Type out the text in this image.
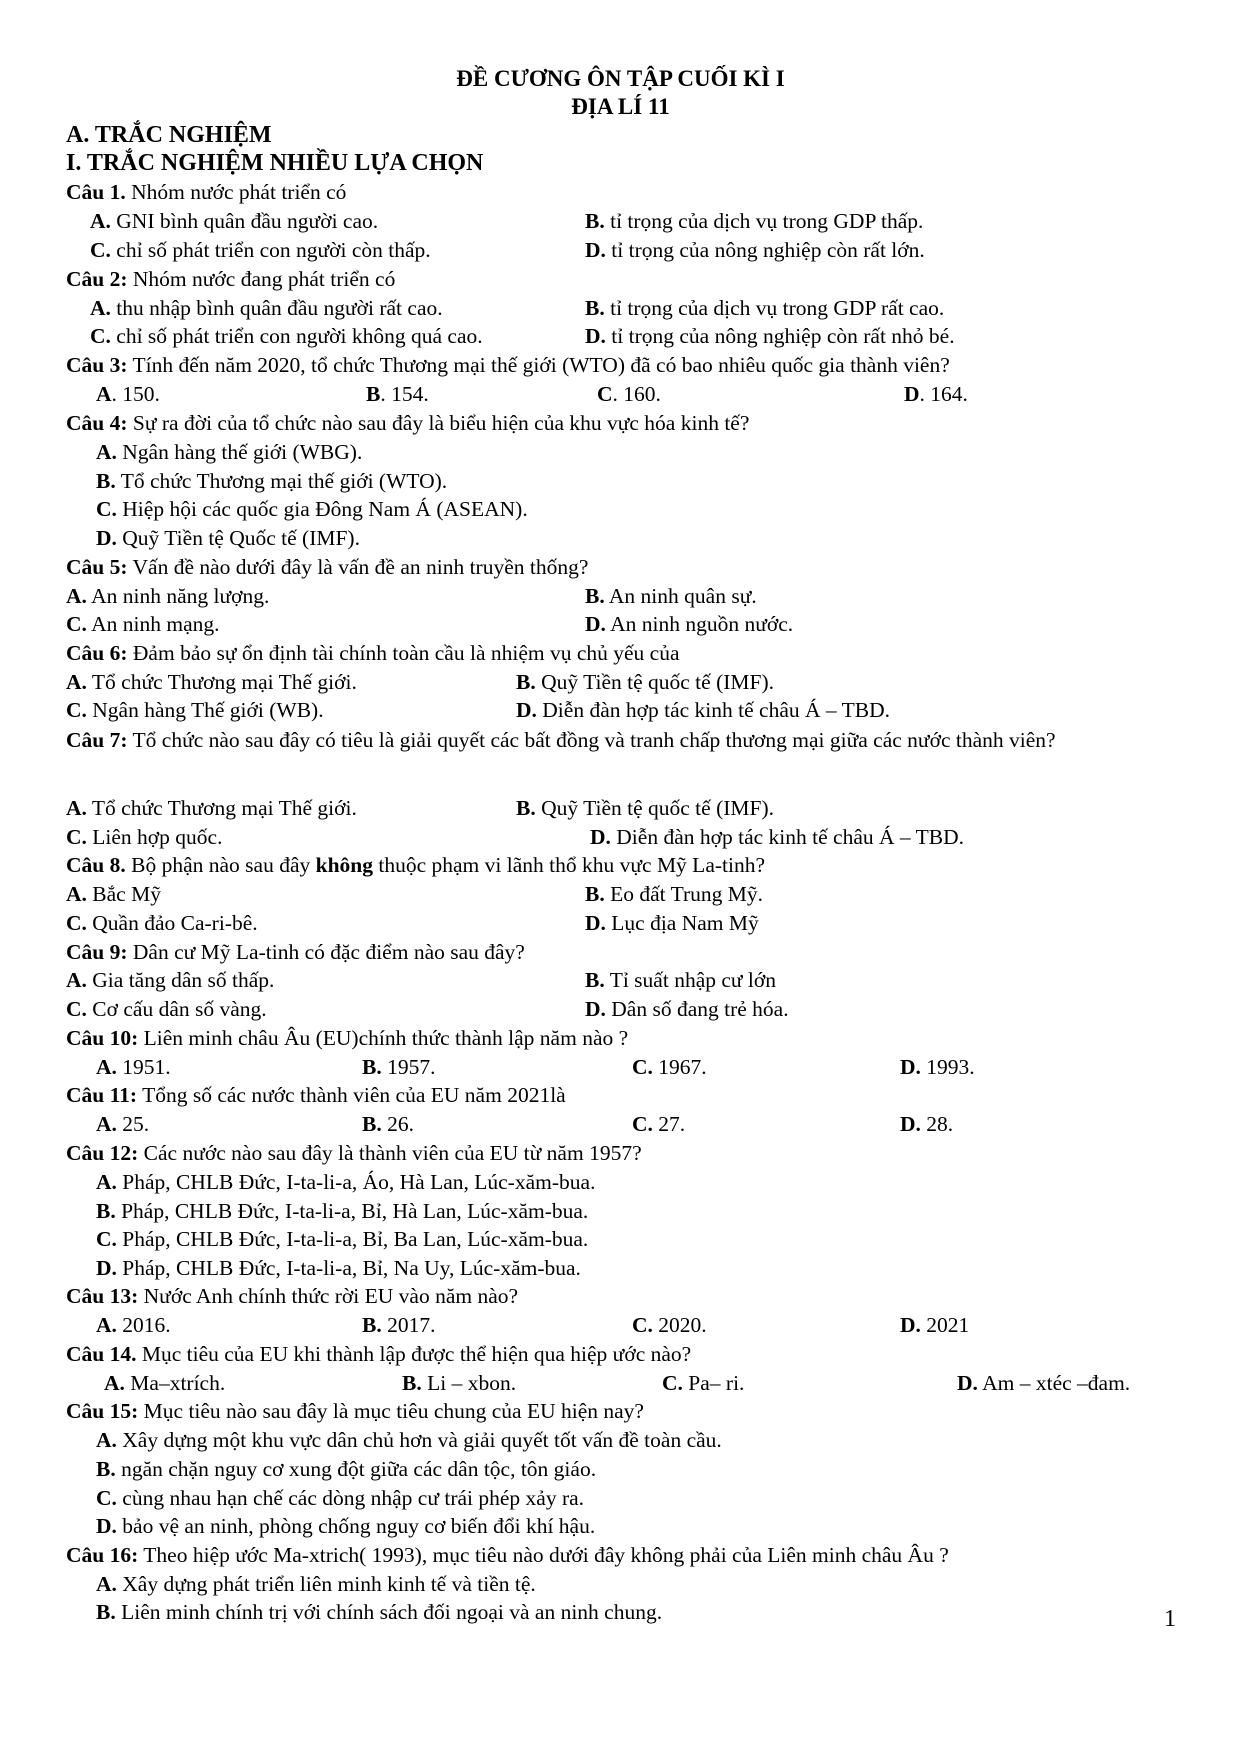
ĐỀ CƯƠNG ÔN TẬP CUỐI KÌ I
ĐỊA LÍ 11
A. TRẮC NGHIỆM
I. TRẮC NGHIỆM NHIỀU LỰA CHỌN
Câu 1. Nhóm nước phát triển có
A. GNI bình quân đầu người cao.	B. tỉ trọng của dịch vụ trong GDP thấp.
C. chỉ số phát triển con người còn thấp.	D. tỉ trọng của nông nghiệp còn rất lớn.
Câu 2: Nhóm nước đang phát triển có
A. thu nhập bình quân đầu người rất cao.	B. tỉ trọng của dịch vụ trong GDP rất cao.
C. chỉ số phát triển con người không quá cao.	D. tỉ trọng của nông nghiệp còn rất nhỏ bé.
Câu 3: Tính đến năm 2020, tổ chức Thương mại thế giới (WTO) đã có bao nhiêu quốc gia thành viên?
A. 150.	B. 154.	C. 160.	D. 164.
Câu 4: Sự ra đời của tổ chức nào sau đây là biểu hiện của khu vực hóa kinh tế?
A. Ngân hàng thế giới (WBG).
B. Tổ chức Thương mại thế giới (WTO).
C. Hiệp hội các quốc gia Đông Nam Á (ASEAN).
D. Quỹ Tiền tệ Quốc tế (IMF).
Câu 5: Vấn đề nào dưới đây là vấn đề an ninh truyền thống?
A. An ninh năng lượng.	B. An ninh quân sự.
C. An ninh mạng.	D. An ninh nguồn nước.
Câu 6: Đảm bảo sự ổn định tài chính toàn cầu là nhiệm vụ chủ yếu của
A. Tổ chức Thương mại Thế giới.	B. Quỹ Tiền tệ quốc tế (IMF).
C. Ngân hàng Thế giới (WB).	D. Diễn đàn hợp tác kinh tế châu Á – TBD.
Câu 7: Tổ chức nào sau đây có tiêu là giải quyết các bất đồng và tranh chấp thương mại giữa các nước thành viên?
A. Tổ chức Thương mại Thế giới.	B. Quỹ Tiền tệ quốc tế (IMF).
C. Liên hợp quốc.	D. Diễn đàn hợp tác kinh tế châu Á – TBD.
Câu 8. Bộ phận nào sau đây không thuộc phạm vi lãnh thổ khu vực Mỹ La-tinh?
A. Bắc Mỹ	B. Eo đất Trung Mỹ.
C. Quần đảo Ca-ri-bê.	D. Lục địa Nam Mỹ
Câu 9: Dân cư Mỹ La-tinh có đặc điểm nào sau đây?
A. Gia tăng dân số thấp.	B. Tỉ suất nhập cư lớn
C. Cơ cấu dân số vàng.	D. Dân số đang trẻ hóa.
Câu 10: Liên minh châu Âu (EU)chính thức thành lập năm nào ?
A. 1951.	B. 1957.	C. 1967.	D. 1993.
Câu 11: Tổng số các nước thành viên của EU năm 2021là
A. 25.	B. 26.	C. 27.	D. 28.
Câu 12: Các nước nào sau đây là thành viên của EU từ năm 1957?
A. Pháp, CHLB Đức, I-ta-li-a, Áo, Hà Lan, Lúc-xăm-bua.
B. Pháp, CHLB Đức, I-ta-li-a, Bỉ, Hà Lan, Lúc-xăm-bua.
C. Pháp, CHLB Đức, I-ta-li-a, Bỉ, Ba Lan, Lúc-xăm-bua.
D. Pháp, CHLB Đức, I-ta-li-a, Bỉ, Na Uy, Lúc-xăm-bua.
Câu 13: Nước Anh chính thức rời EU vào năm nào?
A. 2016.	B. 2017.	C. 2020.	D. 2021
Câu 14. Mục tiêu của EU khi thành lập được thể hiện qua hiệp ước nào?
A. Ma–xtrích.	B. Li – xbon.	C. Pa– ri.	D. Am – xtéc –đam.
Câu 15: Mục tiêu nào sau đây là mục tiêu chung của EU hiện nay?
A. Xây dựng một khu vực dân chủ hơn và giải quyết tốt vấn đề toàn cầu.
B. ngăn chặn nguy cơ xung đột giữa các dân tộc, tôn giáo.
C. cùng nhau hạn chế các dòng nhập cư trái phép xảy ra.
D. bảo vệ an ninh, phòng chống nguy cơ biến đổi khí hậu.
Câu 16: Theo hiệp ước Ma-xtrich( 1993), mục tiêu nào dưới đây không phải của Liên minh châu Âu ?
A. Xây dựng phát triển liên minh kinh tế và tiền tệ.
B. Liên minh chính trị với chính sách đối ngoại và an ninh chung.	1
